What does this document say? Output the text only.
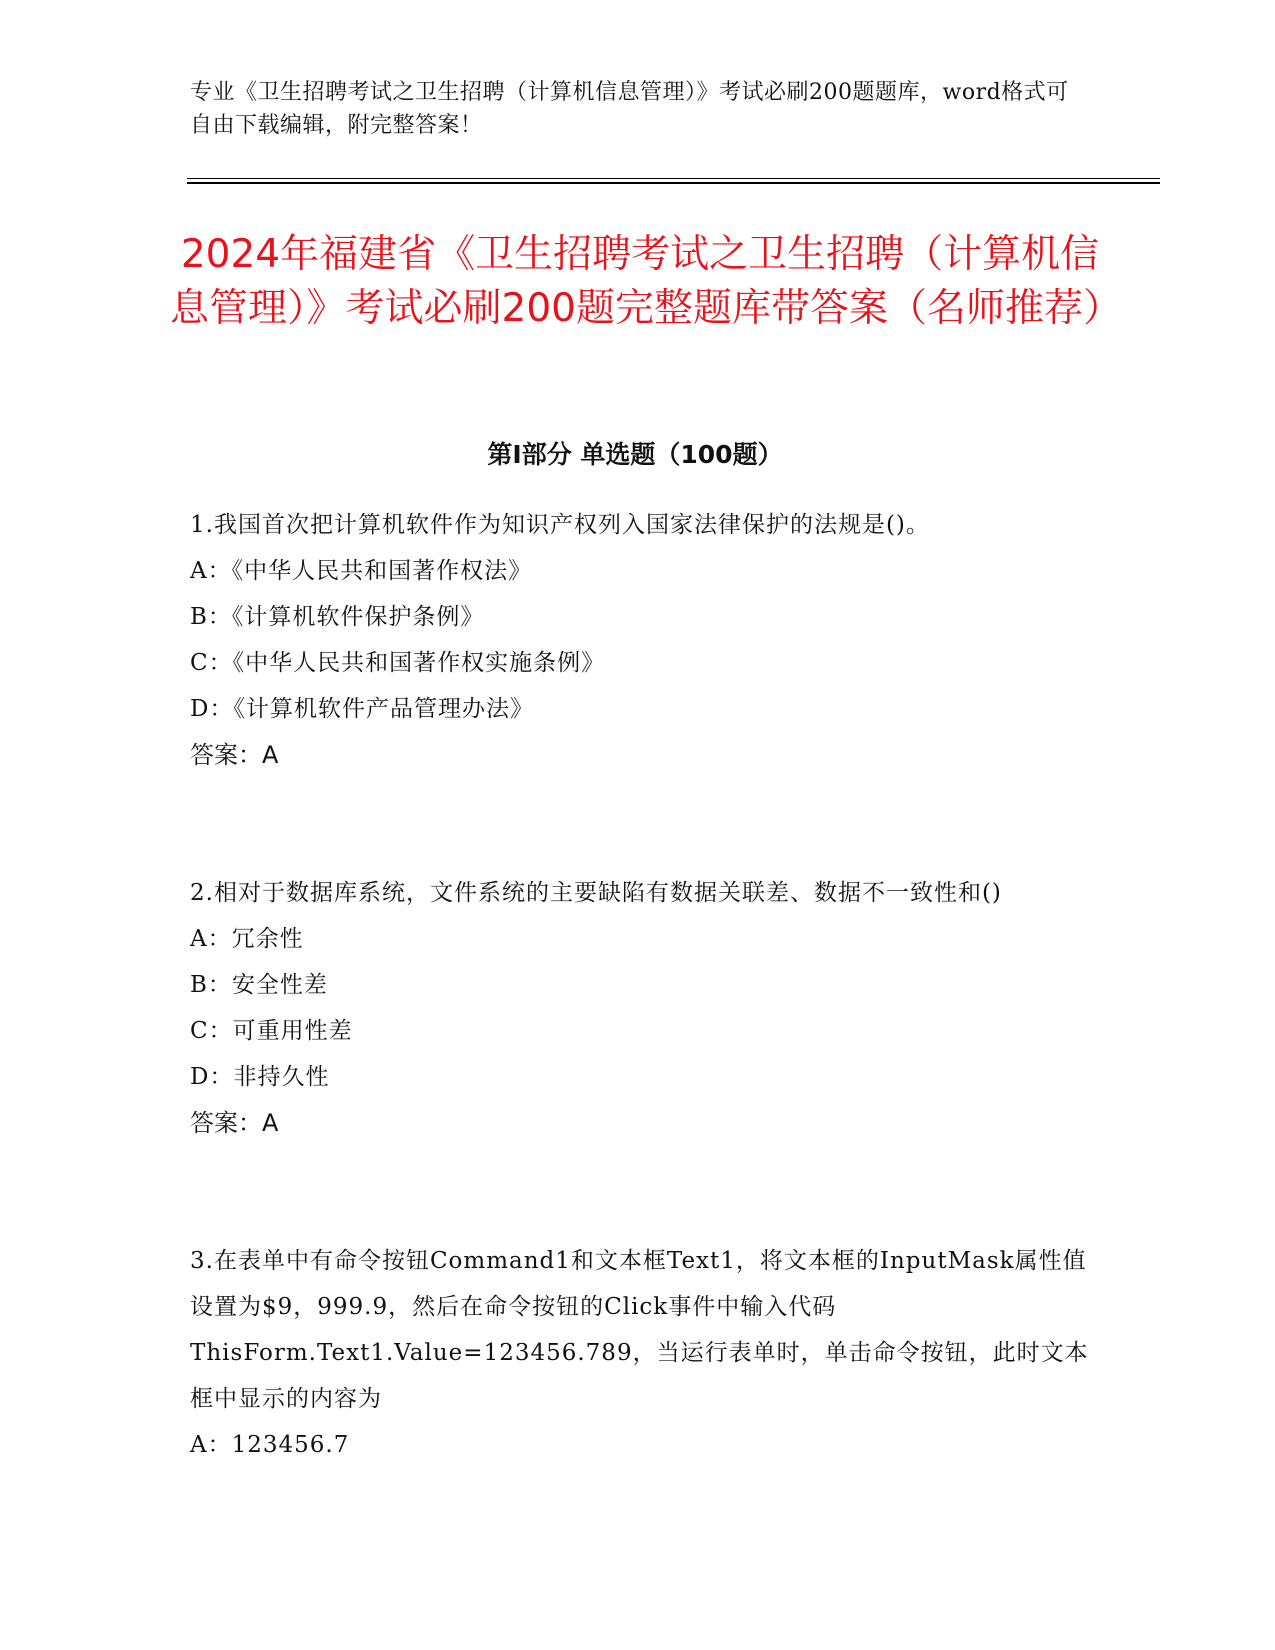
专业《卫生招聘考试之卫生招聘（计算机信息管理）》考试必刷200题题库，word格式可自由下载编辑，附完整答案！
2024年福建省《卫生招聘考试之卫生招聘（计算机信息管理）》考试必刷200题完整题库带答案（名师推荐）
第Ⅰ部分 单选题（100题）
1.我国首次把计算机软件作为知识产权列入国家法律保护的法规是()。
A：《中华人民共和国著作权法》
B：《计算机软件保护条例》
C：《中华人民共和国著作权实施条例》
D：《计算机软件产品管理办法》
答案：A
2.相对于数据库系统，文件系统的主要缺陷有数据关联差、数据不一致性和()
A：冗余性
B：安全性差
C：可重用性差
D：非持久性
答案：A
3.在表单中有命令按钮Command1和文本框Text1，将文本框的InputMask属性值设置为$9，999.9，然后在命令按钮的Click事件中输入代码ThisForm.Text1.Value=123456.789，当运行表单时，单击命令按钮，此时文本框中显示的内容为
A：123456.7
